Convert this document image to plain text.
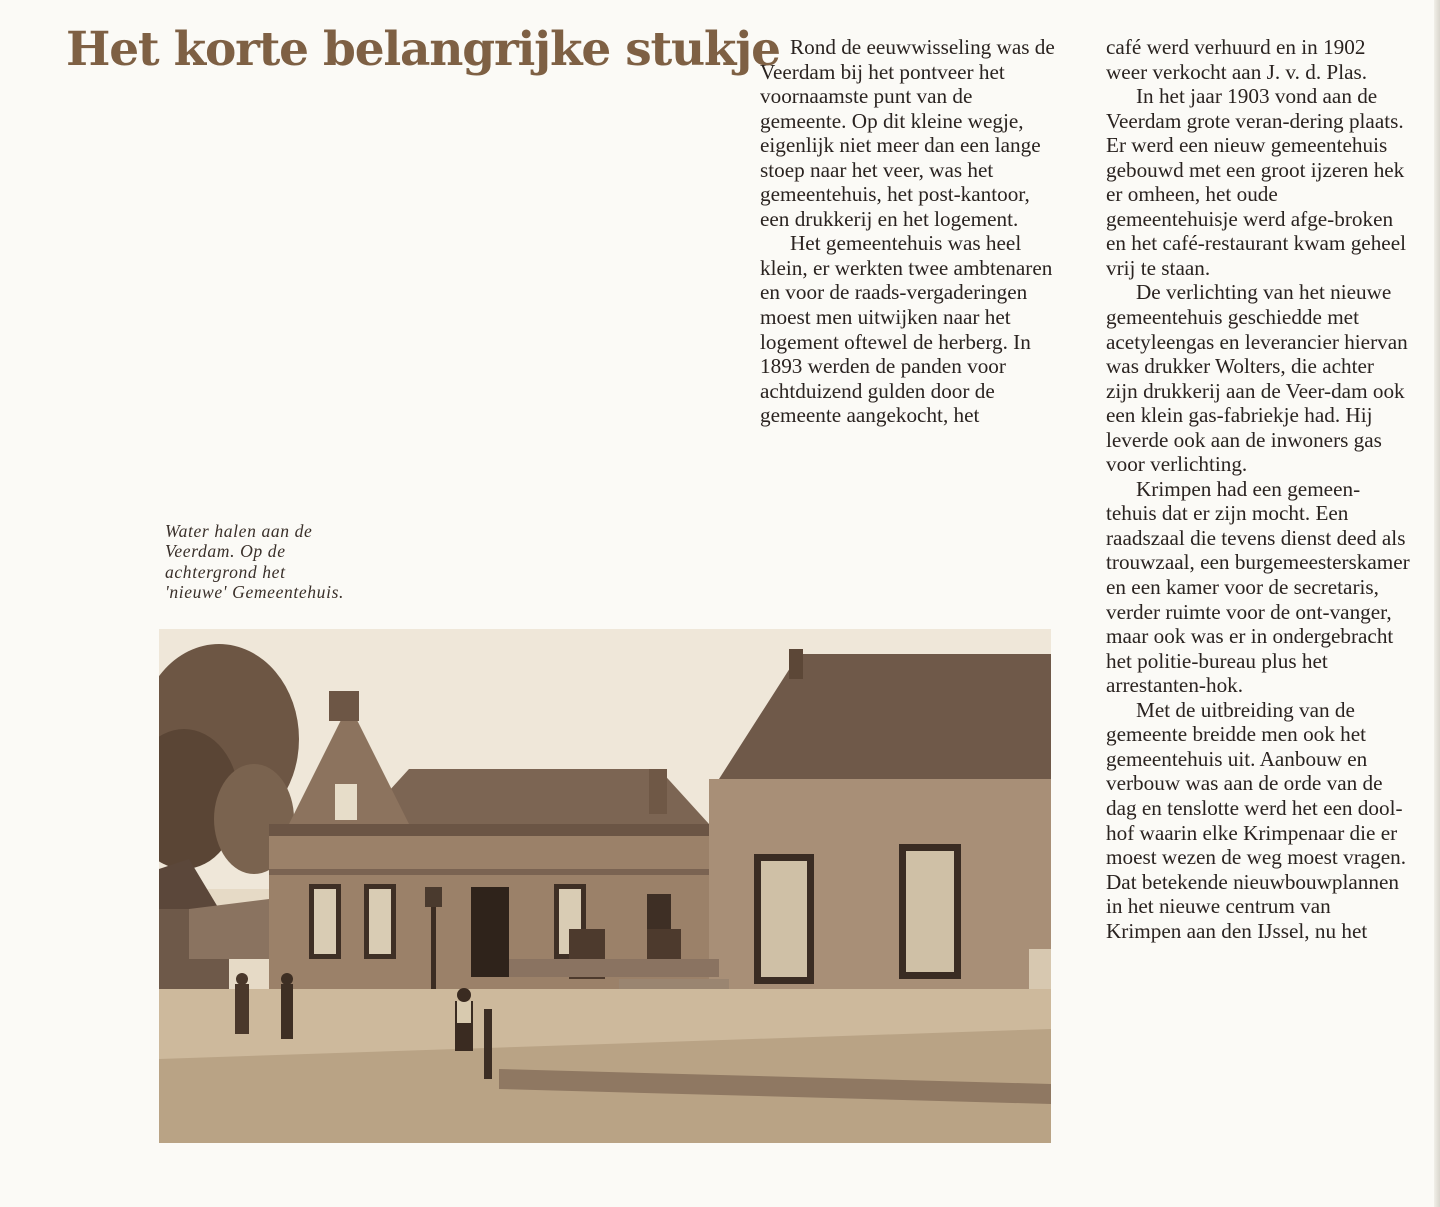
Het korte belangrijke stukje Rond de eeuwwisseling was de Veerdam bij het pontveer het voornaamste punt van de gemeente. Op dit kleine wegje, eigenlijk niet meer dan een lange stoep naar het veer, was het gemeentehuis, het post-kantoor, een drukkerij en het logement.

Het gemeentehuis was heel klein, er werkten twee ambtenaren en voor de raads-vergaderingen moest men uitwijken naar het logement oftewel de herberg. In 1893 werden de panden voor achtduizend gulden door de gemeente aangekocht, het

café werd verhuurd en in 1902 weer verkocht aan J. v. d. Plas.

In het jaar 1903 vond aan de Veerdam grote veran-dering plaats. Er werd een nieuw gemeentehuis gebouwd met een groot ijzeren hek er omheen, het oude gemeentehuisje werd afge-broken en het café-restaurant kwam geheel vrij te staan.

De verlichting van het nieuwe gemeentehuis geschiedde met acetyleengas en leverancier hiervan was drukker Wolters, die achter zijn drukkerij aan de Veer-dam ook een klein gas-fabriekje had. Hij leverde ook aan de inwoners gas voor verlichting.

Krimpen had een gemeen-tehuis dat er zijn mocht. Een raadszaal die tevens dienst deed als trouwzaal, een burgemeesterskamer en een kamer voor de secretaris, verder ruimte voor de ont-vanger, maar ook was er in ondergebracht het politie-bureau plus het arrestanten-hok.

Met de uitbreiding van de gemeente breidde men ook het gemeentehuis uit. Aanbouw en verbouw was aan de orde van de dag en tenslotte werd het een dool-hof waarin elke Krimpenaar die er moest wezen de weg moest vragen. Dat betekende nieuwbouwplannen in het nieuwe centrum van Krimpen aan den IJssel, nu het

Water halen aan de
Veerdam. Op de
achtergrond het
'nieuwe' Gemeentehuis.
